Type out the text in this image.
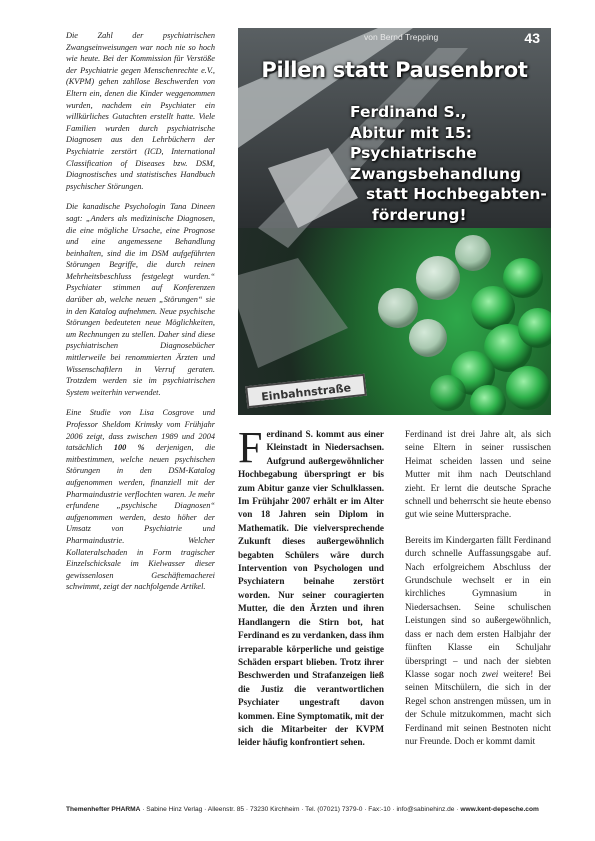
Die Zahl der psychiatrischen Zwangseinweisungen war noch nie so hoch wie heute. Bei der Kommission für Verstöße der Psychiatrie gegen Menschenrechte e.V., (KVPM) gehen zahllose Beschwerden von Eltern ein, denen die Kinder weggenommen wurden, nachdem ein Psychiater ein willkürliches Gutachten erstellt hatte. Viele Familien wurden durch psychiatrische Diagnosen aus den Lehrbüchern der Psychiatrie zerstört (ICD, International Classification of Diseases bzw. DSM, Diagnostisches und statistisches Handbuch psychischer Störungen.

Die kanadische Psychologin Tana Dineen sagt: „Anders als medizinische Diagnosen, die eine mögliche Ursache, eine Prognose und eine angemessene Behandlung beinhalten, sind die im DSM aufgeführten Störungen Begriffe, die durch reinen Mehrheitsbeschluss festgelegt wurden.“ Psychiater stimmen auf Konferenzen darüber ab, welche neuen „Störungen“ sie in den Katalog aufnehmen. Neue psychische Störungen bedeuteten neue Möglichkeiten, um Rechnungen zu stellen. Daher sind diese psychiatrischen Diagnosebücher mittlerweile bei renommierten Ärzten und Wissenschaftlern in Verruf geraten. Trotzdem werden sie im psychiatrischen System weiterhin verwendet.

Eine Studie von Lisa Cosgrove und Professor Sheldom Krimsky vom Frühjahr 2006 zeigt, dass zwischen 1989 und 2004 tatsächlich 100 % derjenigen, die mitbestimmen, welche neuen psychischen Störungen in den DSM-Katalog aufgenommen werden, finanziell mit der Pharmaindustrie verflochten waren. Je mehr erfundene „psychische Diagnosen“ aufgenommen werden, desto höher der Umsatz von Psychiatrie und Pharmaindustrie. Welcher Kollateralschaden in Form tragischer Einzelschicksale im Kielwasser dieser gewissenlosen Geschäftemacherei schwimmt, zeigt der nachfolgende Artikel.

von Bernd Trepping	43
Pillen statt Pausenbrot
Ferdinand S.,
Abitur mit 15:
Psychiatrische
Zwangsbehandlung
statt Hochbegabten-
förderung!
Einbahnstraße
Ferdinand S. kommt aus einer Kleinstadt in Niedersachsen. Aufgrund außergewöhnlicher Hochbegabung überspringt er bis zum Abitur ganze vier Schulklassen. Im Frühjahr 2007 erhält er im Alter von 18 Jahren sein Diplom in Mathematik. Die vielversprechende Zukunft dieses außergewöhnlich begabten Schülers wäre durch Intervention von Psychologen und Psychiatern beinahe zerstört worden. Nur seiner couragierten Mutter, die den Ärzten und ihren Handlangern die Stirn bot, hat Ferdinand es zu verdanken, dass ihm irreparable körperliche und geistige Schäden erspart blieben. Trotz ihrer Beschwerden und Strafanzeigen ließ die Justiz die verantwortlichen Psychiater ungestraft davon kommen. Eine Symptomatik, mit der sich die Mitarbeiter der KVPM leider häufig konfrontiert sehen.

Ferdinand ist drei Jahre alt, als sich seine Eltern in seiner russischen Heimat scheiden lassen und seine Mutter mit ihm nach Deutschland zieht. Er lernt die deutsche Sprache schnell und beherrscht sie heute ebenso gut wie seine Muttersprache.

Bereits im Kindergarten fällt Ferdinand durch schnelle Auffassungsgabe auf. Nach erfolgreichem Abschluss der Grundschule wechselt er in ein kirchliches Gymnasium in Niedersachsen. Seine schulischen Leistungen sind so außergewöhnlich, dass er nach dem ersten Halbjahr der fünften Klasse ein Schuljahr überspringt – und nach der siebten Klasse sogar noch zwei weitere! Bei seinen Mitschülern, die sich in der Regel schon anstrengen müssen, um in der Schule mitzukommen, macht sich Ferdinand mit seinen Bestnoten nicht nur Freunde. Doch er kommt damit

Themenhefter PHARMA · Sabine Hinz Verlag · Alleenstr. 85 · 73230 Kirchheim · Tel. (07021) 7379-0 · Fax:-10 · info@sabinehinz.de · www.kent-depesche.com
